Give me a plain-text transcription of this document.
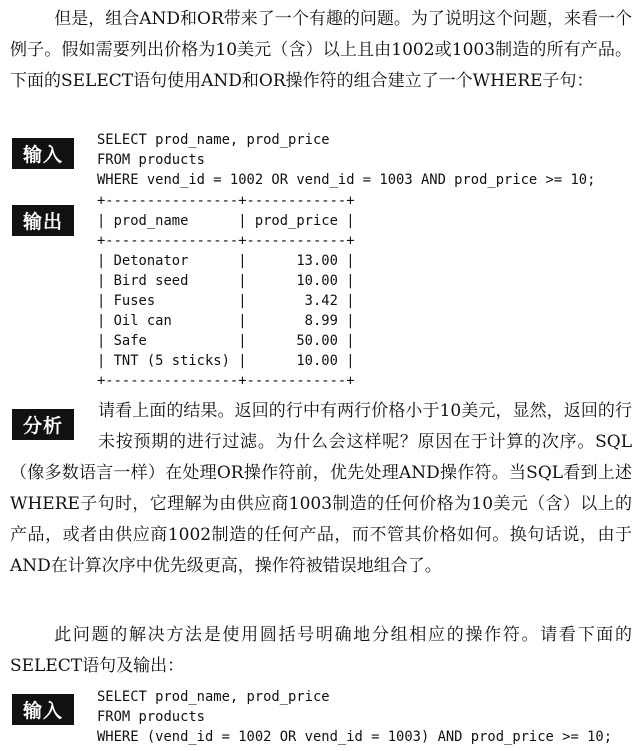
但是，组合AND和OR带来了一个有趣的问题。为了说明这个问题，来看一个例子。假如需要列出价格为10美元（含）以上且由1002或1003制造的所有产品。下面的SELECT语句使用AND和OR操作符的组合建立了一个WHERE子句：

输入
SELECT prod_name, prod_price
FROM products
WHERE vend_id = 1002 OR vend_id = 1003 AND prod_price >= 10;
输出
+----------------+------------+
| prod_name      | prod_price |
+----------------+------------+
| Detonator      |      13.00 |
| Bird seed      |      10.00 |
| Fuses          |       3.42 |
| Oil can        |       8.99 |
| Safe           |      50.00 |
| TNT (5 sticks) |      10.00 |
+----------------+------------+

分析

请看上面的结果。返回的行中有两行价格小于10美元，显然，返回的行未按预期的进行过滤。为什么会这样呢？原因在于计算的次序。SQL（像多数语言一样）在处理OR操作符前，优先处理AND操作符。当SQL看到上述WHERE子句时，它理解为由供应商1003制造的任何价格为10美元（含）以上的产品，或者由供应商1002制造的任何产品，而不管其价格如何。换句话说，由于AND在计算次序中优先级更高，操作符被错误地组合了。

此问题的解决方法是使用圆括号明确地分组相应的操作符。请看下面的SELECT语句及输出：

输入
SELECT prod_name, prod_price
FROM products
WHERE (vend_id = 1002 OR vend_id = 1003) AND prod_price >= 10;
